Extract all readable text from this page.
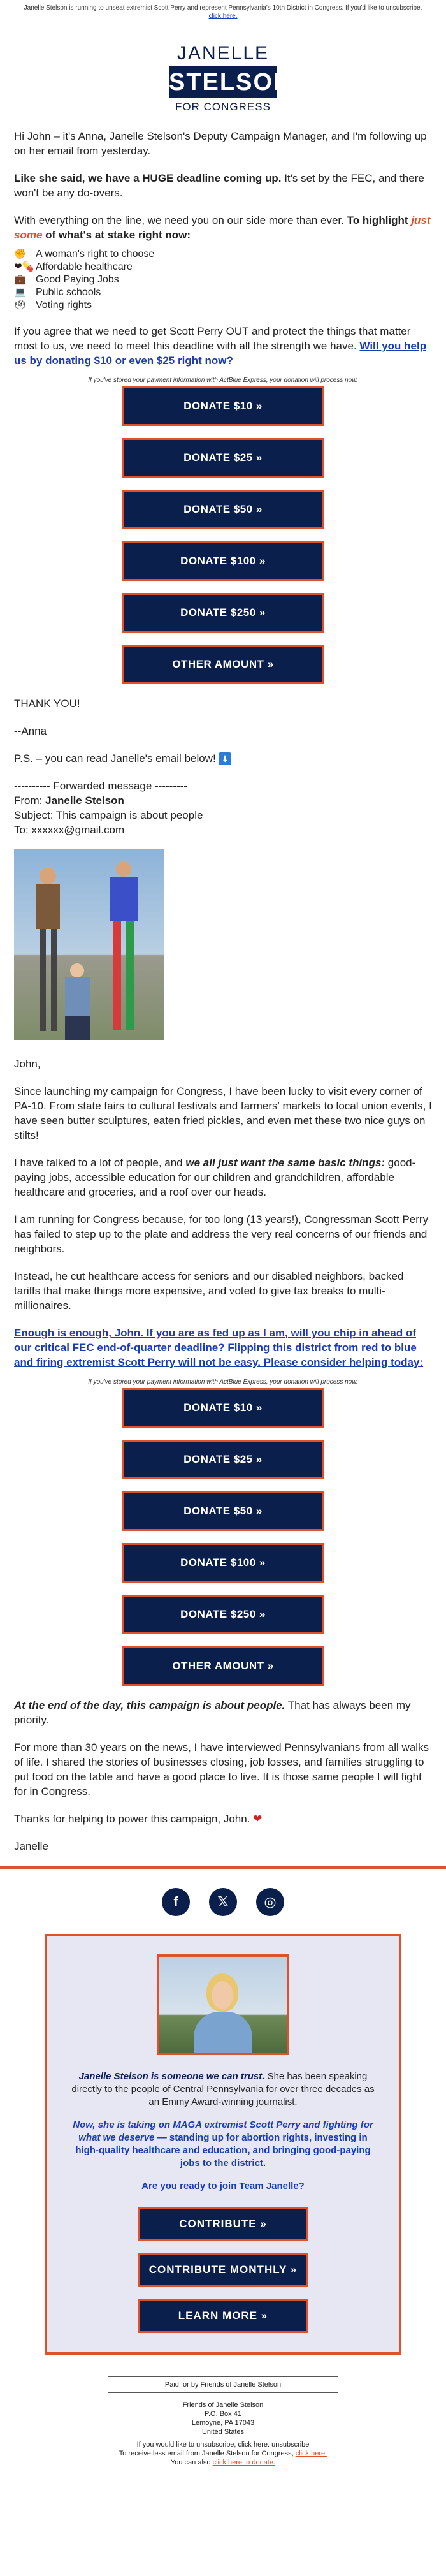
Janelle Stelson is running to unseat extremist Scott Perry and represent Pennsylvania's 10th District in Congress. If you'd like to unsubscribe,
click here.
JANELLE
STELSON
FOR CONGRESS

Hi John – it's Anna, Janelle Stelson's Deputy Campaign Manager, and I'm following up on her email from yesterday.

Like she said, we have a HUGE deadline coming up. It's set by the FEC, and there won't be any do-overs.

With everything on the line, we need you on our side more than ever. To highlight just some of what's at stake right now:

✊ A woman's right to choose
❤💊 Affordable healthcare
💼 Good Paying Jobs
💻 Public schools
🗳 Voting rights

If you agree that we need to get Scott Perry OUT and protect the things that matter most to us, we need to meet this deadline with all the strength we have. Will you help us by donating $10 or even $25 right now?

If you've stored your payment information with ActBlue Express, your donation will process now.
DONATE $10 »
DONATE $25 »
DONATE $50 »
DONATE $100 »
DONATE $250 »
OTHER AMOUNT »

THANK YOU!

--Anna

P.S. – you can read Janelle's email below! ⬇

---------- Forwarded message ---------
From: Janelle Stelson
Subject: This campaign is about people
To: xxxxxx@gmail.com

John,

Since launching my campaign for Congress, I have been lucky to visit every corner of PA-10. From state fairs to cultural festivals and farmers' markets to local union events, I have seen butter sculptures, eaten fried pickles, and even met these two nice guys on stilts!

I have talked to a lot of people, and we all just want the same basic things: good-paying jobs, accessible education for our children and grandchildren, affordable healthcare and groceries, and a roof over our heads.

I am running for Congress because, for too long (13 years!), Congressman Scott Perry has failed to step up to the plate and address the very real concerns of our friends and neighbors.

Instead, he cut healthcare access for seniors and our disabled neighbors, backed tariffs that make things more expensive, and voted to give tax breaks to multi-millionaires.

Enough is enough, John. If you are as fed up as I am, will you chip in ahead of our critical FEC end-of-quarter deadline? Flipping this district from red to blue and firing extremist Scott Perry will not be easy. Please consider helping today:

If you've stored your payment information with ActBlue Express, your donation will process now.
DONATE $10 »
DONATE $25 »
DONATE $50 »
DONATE $100 »
DONATE $250 »
OTHER AMOUNT »

At the end of the day, this campaign is about people. That has always been my priority.

For more than 30 years on the news, I have interviewed Pennsylvanians from all walks of life. I shared the stories of businesses closing, job losses, and families struggling to put food on the table and have a good place to live. It is those same people I will fight for in Congress.

Thanks for helping to power this campaign, John. ❤

Janelle

f	𝕏	◎

Janelle Stelson is someone we can trust. She has been speaking directly to the people of Central Pennsylvania for over three decades as an Emmy Award-winning journalist.

Now, she is taking on MAGA extremist Scott Perry and fighting for what we deserve — standing up for abortion rights, investing in high-quality healthcare and education, and bringing good-paying jobs to the district.

Are you ready to join Team Janelle?

CONTRIBUTE »
CONTRIBUTE MONTHLY »
LEARN MORE »
Paid for by Friends of Janelle Stelson
Friends of Janelle Stelson
P.O. Box 41
Lemoyne, PA 17043
United States
If you would like to unsubscribe, click here: unsubscribe
To receive less email from Janelle Stelson for Congress, click here.
You can also click here to donate.
